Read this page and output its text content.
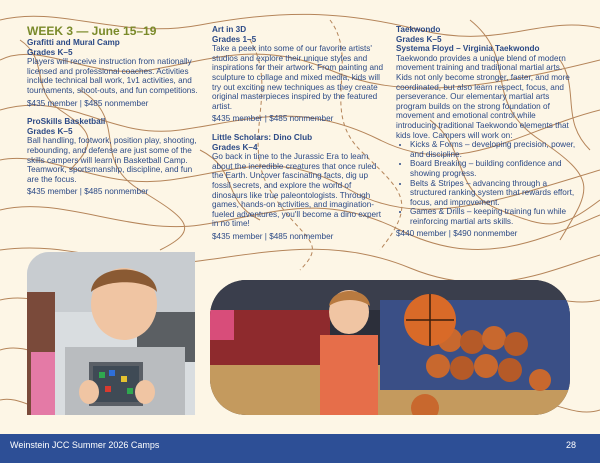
WEEK 3 — June 15–19

Grafitti and Mural Camp

Grades K–5

Players will receive instruction from nationally licensed and professional coaches. Activities include technical ball work, 1v1 activities, and tournaments, shoot-outs, and fun competitions.

$435 member | $485 nonmember

ProSkills Basketball

Grades K–5

Ball handling, footwork, position play, shooting, rebounding, and defense are just some of the skills campers will learn in Basketball Camp. Teamwork, sportsmanship, discipline, and fun are the focus.

$435 member | $485 nonmember

Art in 3D

Grades 1–5

Take a peek into some of our favorite artists' studios and explore their unique styles and inspirations for their artwork. From painting and sculpture to collage and mixed media, kids will try out exciting new techniques as they create original masterpieces inspired by the featured artist.

$435 member | $485 nonmember

Little Scholars: Dino Club

Grades K–4

Go back in time to the Jurassic Era to learn about the incredible creatures that once ruled the Earth. Uncover fascinating facts, dig up fossil secrets, and explore the world of dinosaurs like true paleontologists. Through games, hands-on activities, and imagination-fueled adventures, you'll become a dino expert in no time!

$435 member | $485 nonmember

Taekwondo

Grades K–5

Systema Floyd – Virginia Taekwondo

Taekwondo provides a unique blend of modern movement training and traditional martial arts. Kids not only become stronger, faster, and more coordinated, but also learn respect, focus, and perseverance. Our elementary martial arts program builds on the strong foundation of movement and emotional control while introducing traditional Taekwondo elements that kids love. Campers will work on:

• Kicks & Forms – developing precision, power, and discipline.
• Board Breaking – building confidence and showing progress.
• Belts & Stripes – advancing through a structured ranking system that rewards effort, focus, and improvement.
• Games & Drills – keeping training fun while reinforcing martial arts skills.

$440 member | $490 nonmember

Weinstein JCC Summer 2026 Camps	28
